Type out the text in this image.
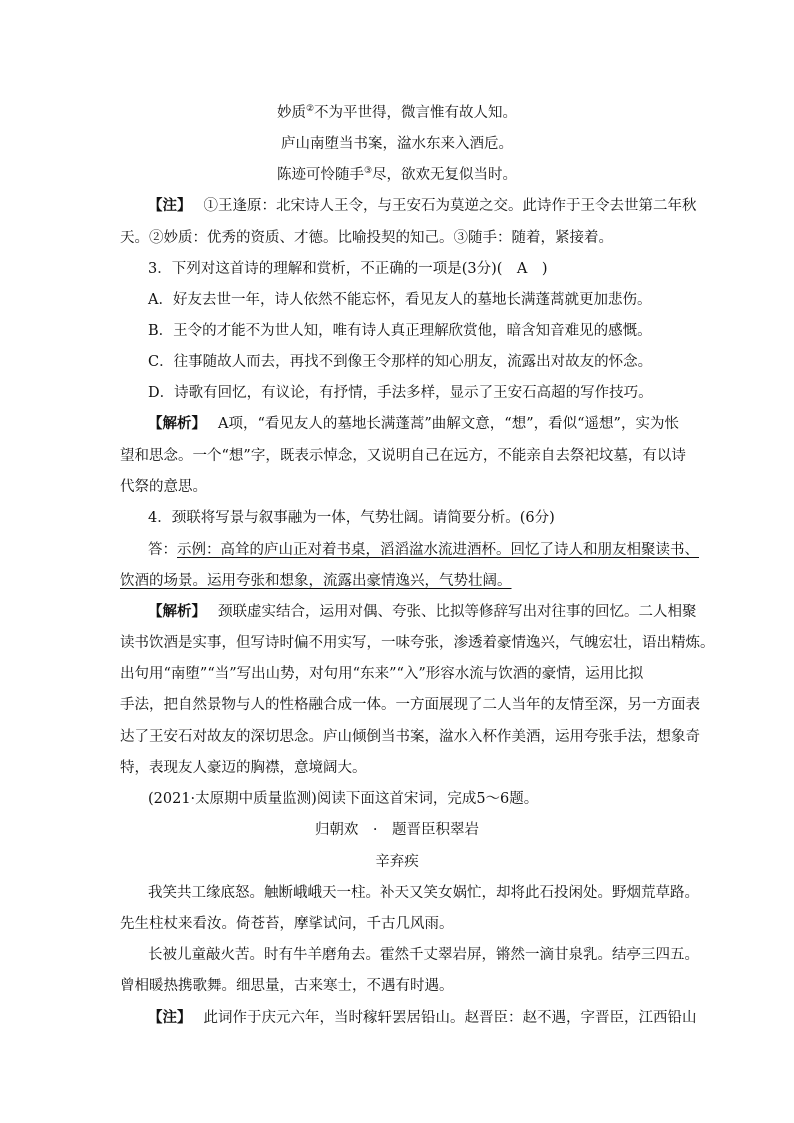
妙质②不为平世得，微言惟有故人知。
庐山南堕当书案，湓水东来入酒卮。
陈迹可怜随手③尽，欲欢无复似当时。
【注】 ①王逢原：北宋诗人王令，与王安石为莫逆之交。此诗作于王令去世第二年秋
天。②妙质：优秀的资质、才德。比喻投契的知己。③随手：随着，紧接着。
3．下列对这首诗的理解和赏析，不正确的一项是(3分)(　A　)
A．好友去世一年，诗人依然不能忘怀，看见友人的墓地长满蓬蒿就更加悲伤。
B．王令的才能不为世人知，唯有诗人真正理解欣赏他，暗含知音难见的感慨。
C．往事随故人而去，再找不到像王令那样的知心朋友，流露出对故友的怀念。
D．诗歌有回忆，有议论，有抒情，手法多样，显示了王安石高超的写作技巧。
【解析】 A项，“看见友人的墓地长满蓬蒿”曲解文意，“想”，看似“遥想”，实为怅
望和思念。一个“想”字，既表示悼念，又说明自己在远方，不能亲自去祭祀坟墓，有以诗
代祭的意思。
4．颈联将写景与叙事融为一体，气势壮阔。请简要分析。(6分)
答：示例：高耸的庐山正对着书桌，滔滔湓水流进酒杯。回忆了诗人和朋友相聚读书、
饮酒的场景。运用夸张和想象，流露出豪情逸兴，气势壮阔。
【解析】 颈联虚实结合，运用对偶、夸张、比拟等修辞写出对往事的回忆。二人相聚
读书饮酒是实事，但写诗时偏不用实写，一味夸张，渗透着豪情逸兴，气魄宏壮，语出精炼。
出句用“南堕”“当”写出山势，对句用“东来”“入”形容水流与饮酒的豪情，运用比拟
手法，把自然景物与人的性格融合成一体。一方面展现了二人当年的友情至深，另一方面表
达了王安石对故友的深切思念。庐山倾倒当书案，湓水入杯作美酒，运用夸张手法，想象奇
特，表现友人豪迈的胸襟，意境阔大。
(2021·太原期中质量监测)阅读下面这首宋词，完成5～6题。
归朝欢　·　题晋臣积翠岩
辛弃疾
我笑共工缘底怒。触断峨峨天一柱。补天又笑女娲忙，却将此石投闲处。野烟荒草路。
先生柱杖来看汝。倚苍苔，摩挲试问，千古几风雨。
长被儿童敲火苦。时有牛羊磨角去。霍然千丈翠岩屏，锵然一滴甘泉乳。结亭三四五。
曾相暖热携歌舞。细思量，古来寒士，不遇有时遇。
【注】 此词作于庆元六年，当时稼轩罢居铅山。赵晋臣：赵不遇，字晋臣，江西铅山
